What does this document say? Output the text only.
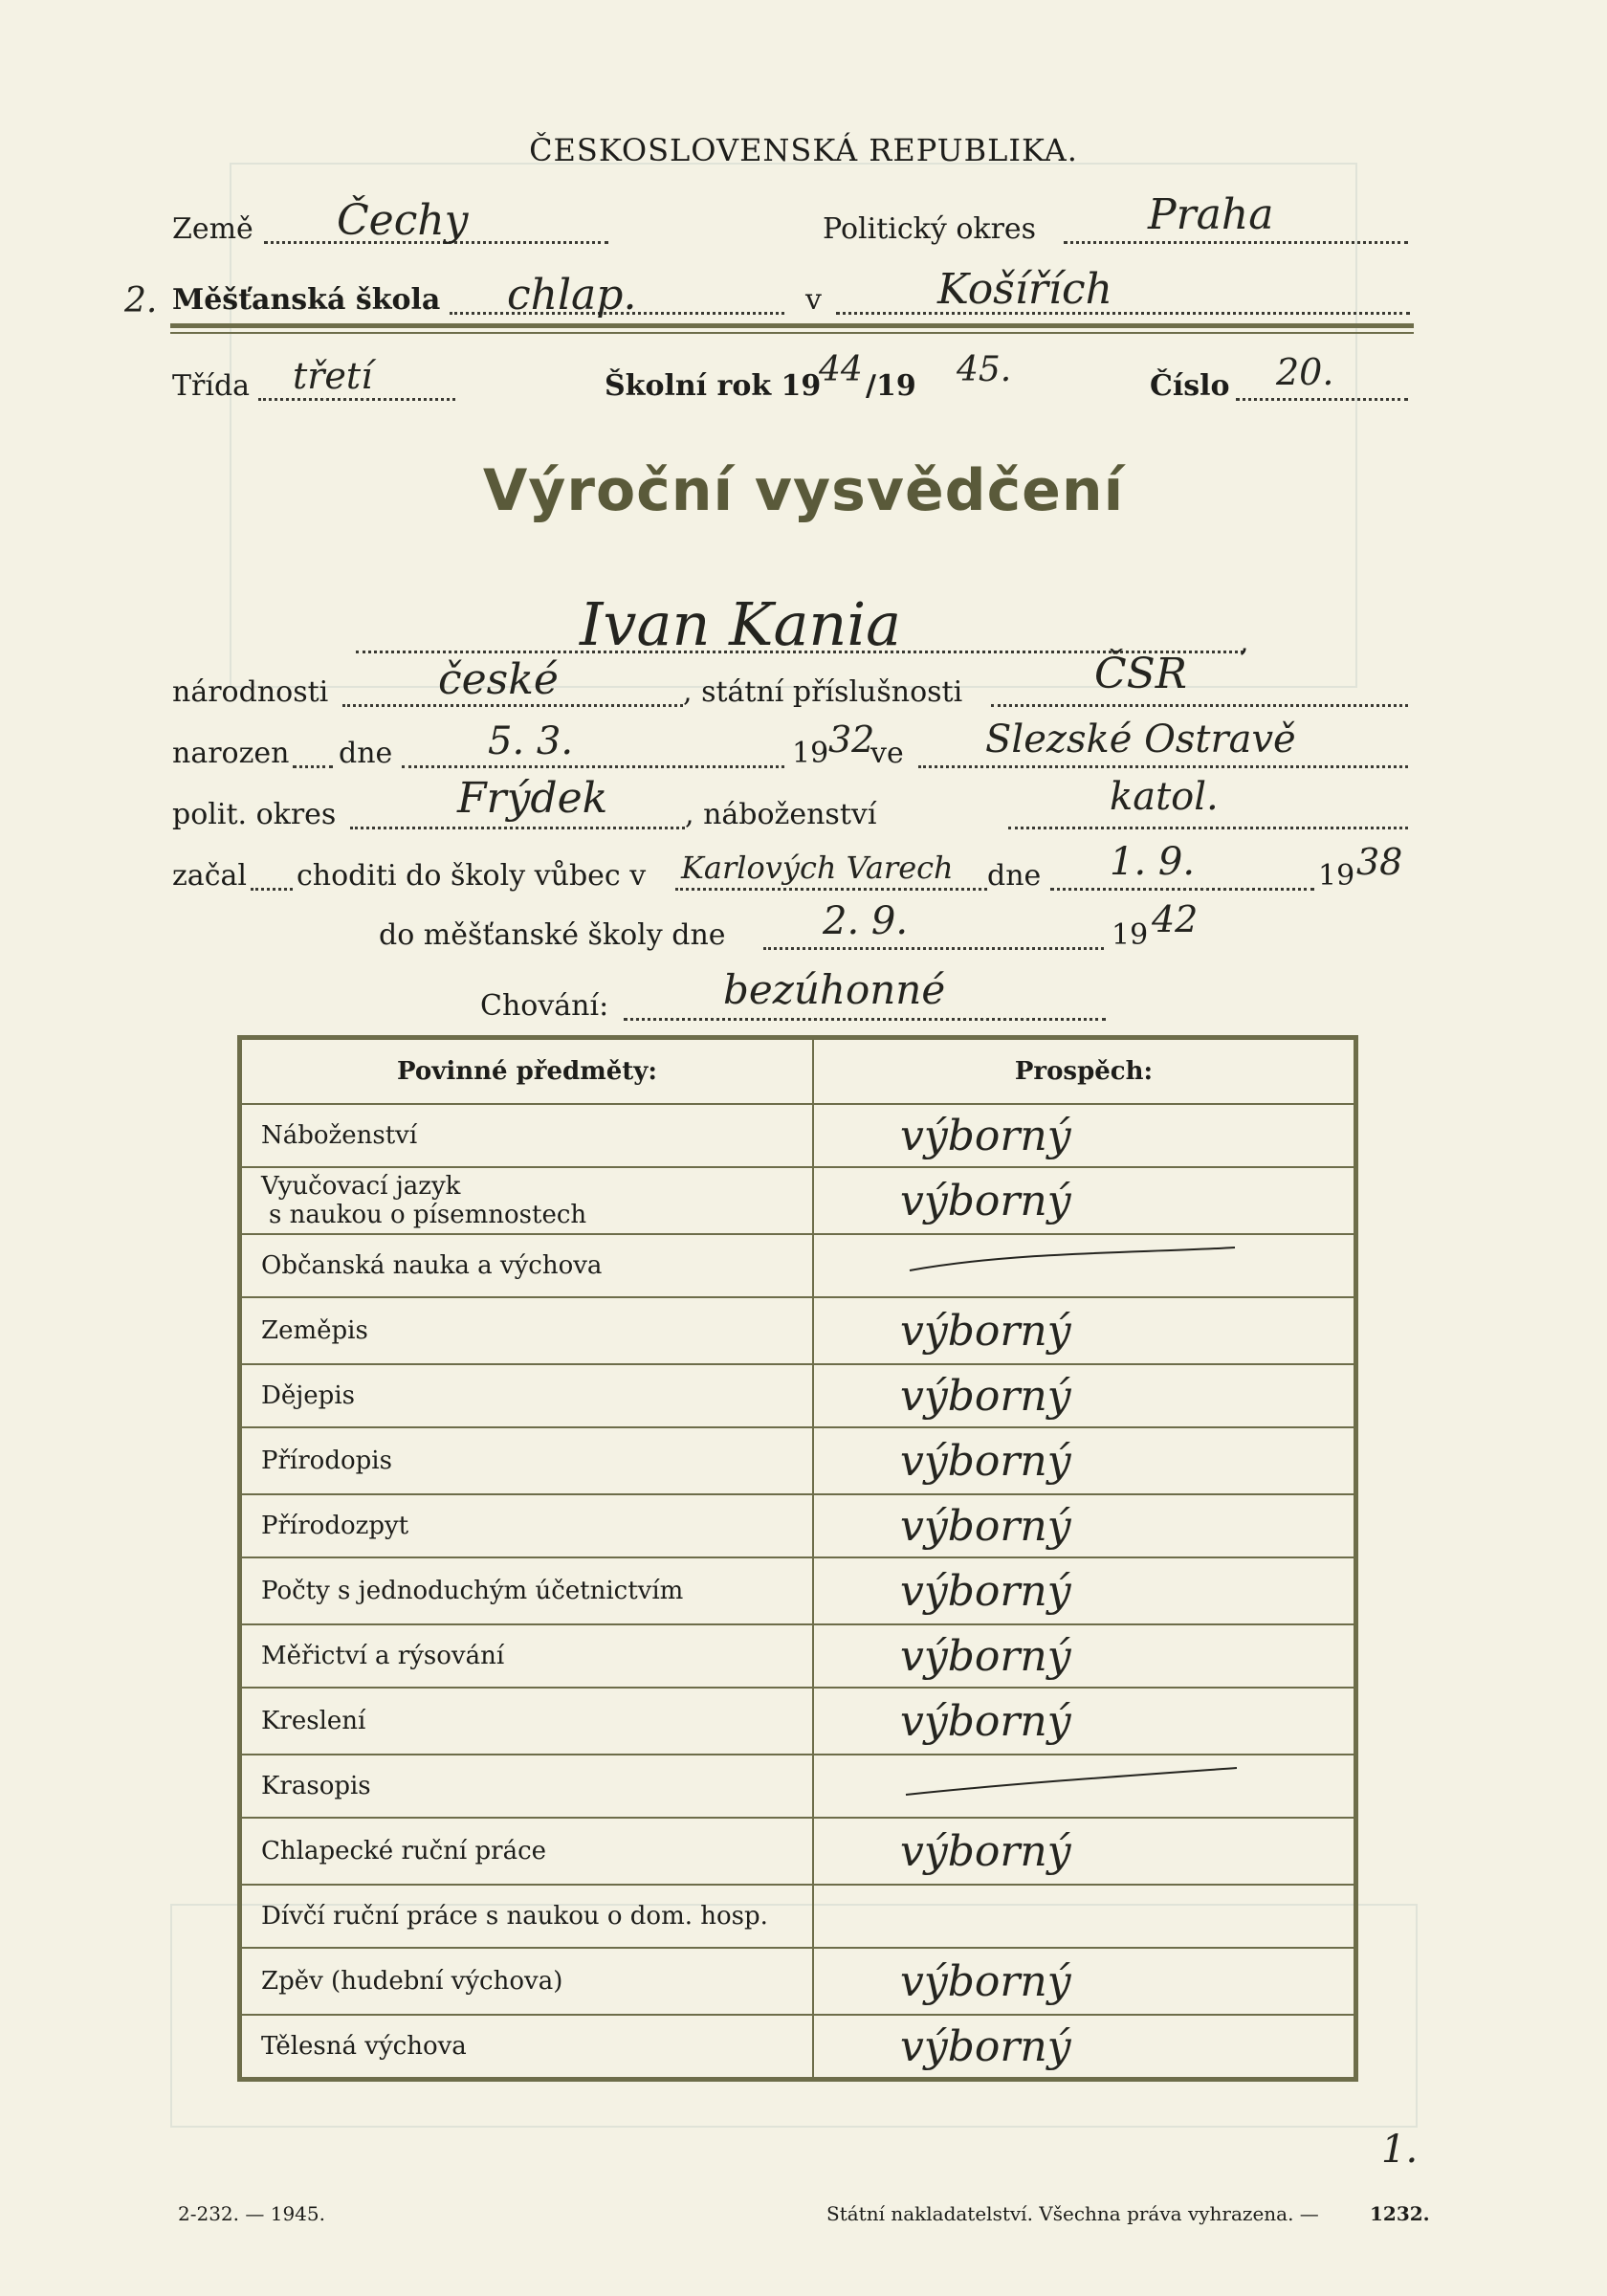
ČESKOSLOVENSKÁ REPUBLIKA.
Země Čechy	Politický okres	Praha
2. Měšťanská škola chlap.	v	Košířích
Třída třetí	Školní rok 19
44 /19 45.	Číslo 20.
Výroční vysvědčení
Ivan Kania	,
národnosti	české	, státní příslušnosti	ČSR
narozen dne 5. 3.	19 32
ve Slezské Ostravě
polit. okres	Frýdek	, náboženství	katol.
začal choditi do školy vůbec v Karlových Varech dne 1. 9.	19 38
do měšťanské školy dne	2. 9.	19 42
Chování:	bezúhonné
Povinné předměty:	Prospěch:
Náboženství	výborný

Vyučovací jazyk
s naukou o písemnostech	výborný
Občanská nauka a výchova	
Zeměpis	výborný
Dějepis	výborný
Přírodopis	výborný
Přírodozpyt	výborný
Počty s jednoduchým účetnictvím	výborný
Měřictví a rýsování	výborný
Kreslení	výborný
Krasopis	
Chlapecké ruční práce	výborný
Dívčí ruční práce s naukou o dom. hosp.	
Zpěv (hudební výchova)	výborný
Tělesná výchova	výborný
1.
2-232. — 1945.	Státní nakladatelství. Všechna práva vyhrazena. —	1232.
